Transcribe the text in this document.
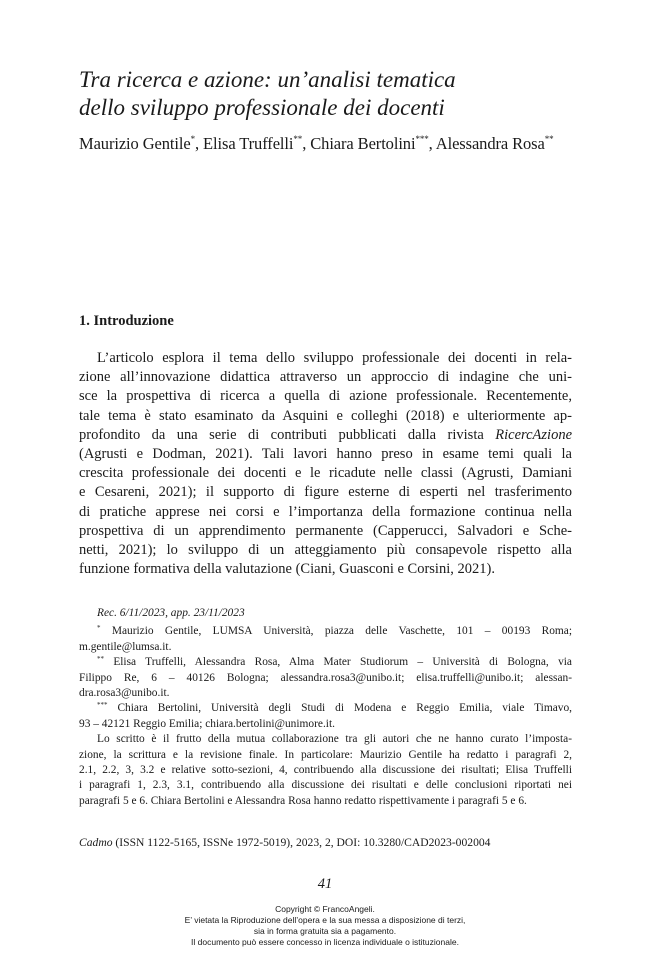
Tra ricerca e azione: un’analisi tematica
dello sviluppo professionale dei docenti
Maurizio Gentile*, Elisa Truffelli**, Chiara Bertolini***, Alessandra Rosa**
1. Introduzione
L’articolo esplora il tema dello sviluppo professionale dei docenti in rela-
zione all’innovazione didattica attraverso un approccio di indagine che uni-
sce la prospettiva di ricerca a quella di azione professionale. Recentemente,
tale tema è stato esaminato da Asquini e colleghi (2018) e ulteriormente ap-
profondito da una serie di contributi pubblicati dalla rivista RicercAzione
(Agrusti e Dodman, 2021). Tali lavori hanno preso in esame temi quali la
crescita professionale dei docenti e le ricadute nelle classi (Agrusti, Damiani
e Cesareni, 2021); il supporto di figure esterne di esperti nel trasferimento
di pratiche apprese nei corsi e l’importanza della formazione continua nella
prospettiva di un apprendimento permanente (Capperucci, Salvadori e Sche-
netti, 2021); lo sviluppo di un atteggiamento più consapevole rispetto alla
funzione formativa della valutazione (Ciani, Guasconi e Corsini, 2021).
Rec. 6/11/2023, app. 23/11/2023
* Maurizio Gentile, LUMSA Università, piazza delle Vaschette, 101 – 00193 Roma;
m.gentile@lumsa.it.
** Elisa Truffelli, Alessandra Rosa, Alma Mater Studiorum – Università di Bologna, via
Filippo Re, 6 – 40126 Bologna; alessandra.rosa3@unibo.it; elisa.truffelli@unibo.it; alessan-
dra.rosa3@unibo.it.
*** Chiara Bertolini, Università degli Studi di Modena e Reggio Emilia, viale Timavo,
93 – 42121 Reggio Emilia; chiara.bertolini@unimore.it.
Lo scritto è il frutto della mutua collaborazione tra gli autori che ne hanno curato l’imposta-
zione, la scrittura e la revisione finale. In particolare: Maurizio Gentile ha redatto i paragrafi 2,
2.1, 2.2, 3, 3.2 e relative sotto-sezioni, 4, contribuendo alla discussione dei risultati; Elisa Truffelli
i paragrafi 1, 2.3, 3.1, contribuendo alla discussione dei risultati e delle conclusioni riportati nei
paragrafi 5 e 6. Chiara Bertolini e Alessandra Rosa hanno redatto rispettivamente i paragrafi 5 e 6.
Cadmo (ISSN 1122-5165, ISSNe 1972-5019), 2023, 2, DOI: 10.3280/CAD2023-002004
41
Copyright © FrancoAngeli.
E’ vietata la Riproduzione dell’opera e la sua messa a disposizione di terzi,
sia in forma gratuita sia a pagamento.
Il documento può essere concesso in licenza individuale o istituzionale.
